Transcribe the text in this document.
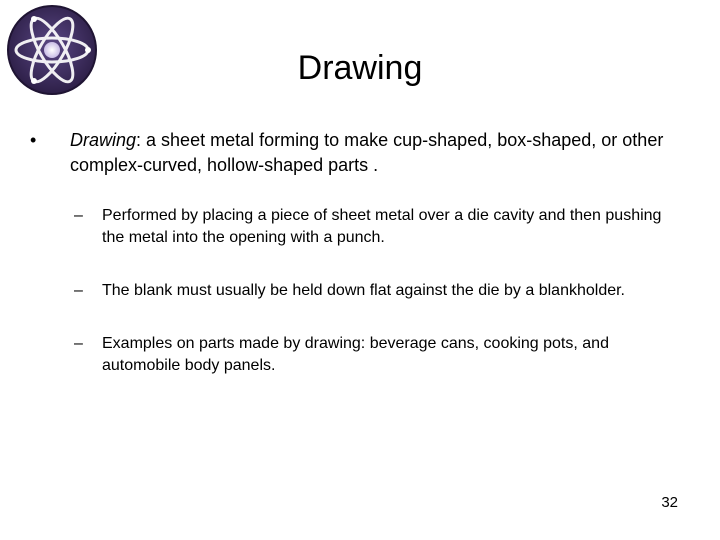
Drawing
• Drawing: a sheet metal forming to make cup‑shaped, box‑shaped, or other complex‑curved, hollow‑shaped parts .
– Performed by placing a piece of sheet metal over a die cavity and then pushing the metal into the opening with a punch.
– The blank must usually be held down flat against the die by a blankholder.
– Examples on parts made by drawing: beverage cans, cooking pots, and automobile body panels.
32
